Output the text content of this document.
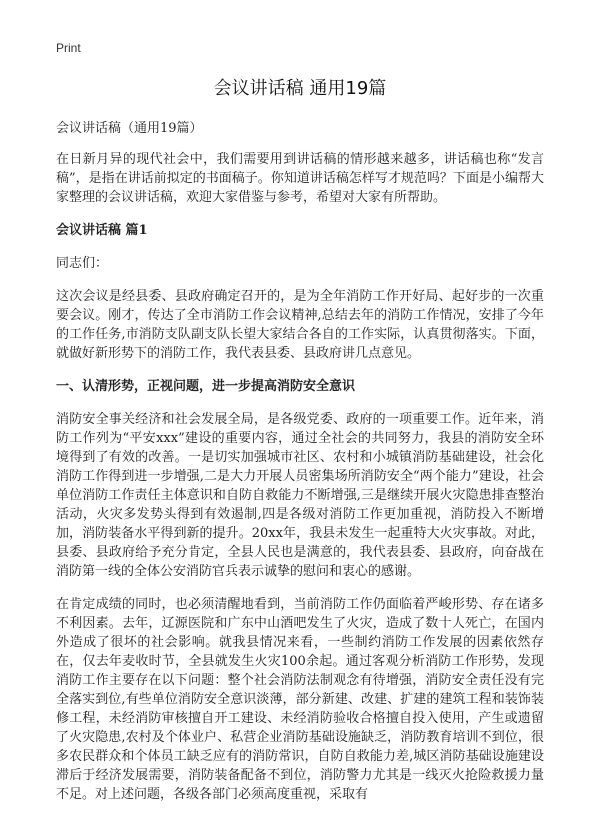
Print

会议讲话稿 通用19篇

会议讲话稿（通用19篇）

在日新月异的现代社会中，我们需要用到讲话稿的情形越来越多，讲话稿也称“发言稿”，是指在讲话前拟定的书面稿子。你知道讲话稿怎样写才规范吗？下面是小编帮大家整理的会议讲话稿，欢迎大家借鉴与参考，希望对大家有所帮助。

会议讲话稿 篇1

同志们：

这次会议是经县委、县政府确定召开的，是为全年消防工作开好局、起好步的一次重要会议。刚才，传达了全市消防工作会议精神,总结去年的消防工作情况，安排了今年的工作任务,市消防支队副支队长望大家结合各自的工作实际，认真贯彻落实。下面，就做好新形势下的消防工作，我代表县委、县政府讲几点意见。

一、认清形势，正视问题，进一步提高消防安全意识

消防安全事关经济和社会发展全局，是各级党委、政府的一项重要工作。近年来，消防工作列为“平安xxx”建设的重要内容，通过全社会的共同努力，我县的消防安全环境得到了有效的改善。一是切实加强城市社区、农村和小城镇消防基础建设，社会化消防工作得到进一步增强,二是大力开展人员密集场所消防安全“两个能力”建设，社会单位消防工作责任主体意识和自防自救能力不断增强,三是继续开展火灾隐患排查整治活动，火灾多发势头得到有效遏制,四是各级对消防工作更加重视，消防投入不断增加，消防装备水平得到新的提升。20xx年，我县未发生一起重特大火灾事故。对此，县委、县政府给予充分肯定，全县人民也是满意的，我代表县委、县政府，向奋战在消防第一线的全体公安消防官兵表示诚挚的慰问和衷心的感谢。

在肯定成绩的同时，也必须清醒地看到，当前消防工作仍面临着严峻形势、存在诸多不利因素。去年，辽源医院和广东中山酒吧发生了火灾，造成了数十人死亡，在国内外造成了很坏的社会影响。就我县情况来看，一些制约消防工作发展的因素依然存在，仅去年麦收时节，全县就发生火灾100余起。通过客观分析消防工作形势，发现消防工作主要存在以下问题：整个社会消防法制观念有待增强，消防安全责任没有完全落实到位,有些单位消防安全意识淡薄，部分新建、改建、扩建的建筑工程和装饰装修工程，未经消防审核擅自开工建设、未经消防验收合格擅自投入使用，产生或遗留了火灾隐患,农村及个体业户、私营企业消防基础设施缺乏，消防教育培训不到位，很多农民群众和个体员工缺乏应有的消防常识，自防自救能力差,城区消防基础设施建设滞后于经济发展需要，消防装备配备不到位，消防警力尤其是一线灭火抢险救援力量不足。对上述问题，各级各部门必须高度重视，采取有
